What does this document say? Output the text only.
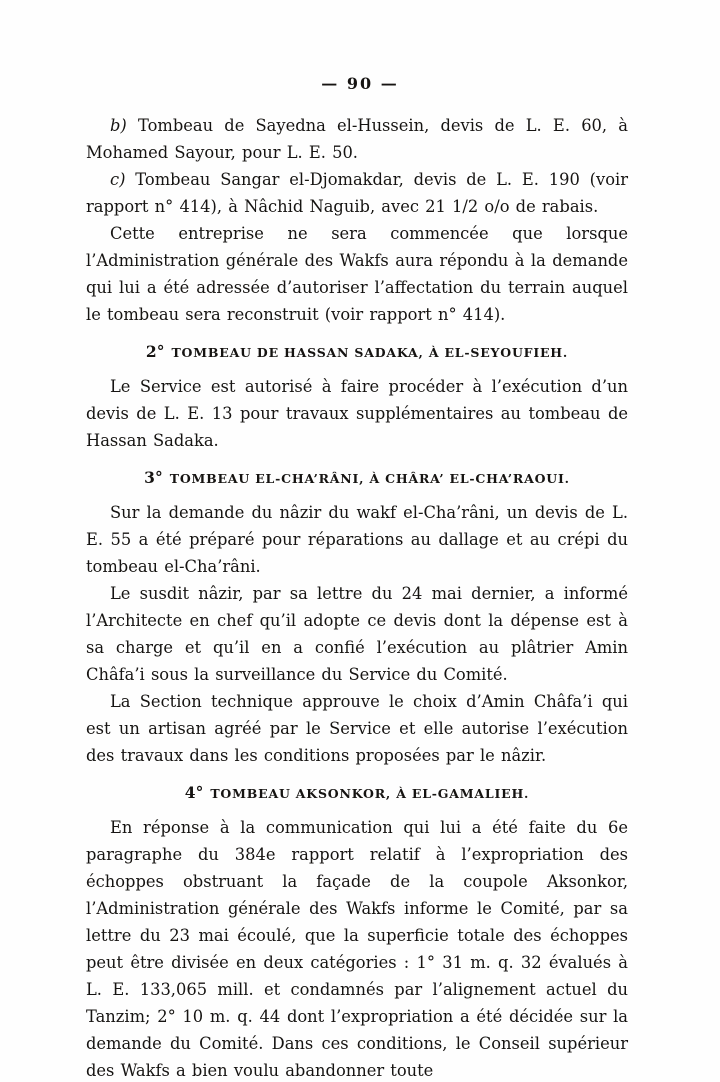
— 90 —

b) Tombeau de Sayedna el-Hussein, devis de L. E. 60, à Mohamed Sayour, pour L. E. 50.

c) Tombeau Sangar el-Djomakdar, devis de L. E. 190 (voir rapport n° 414), à Nâchid Naguib, avec 21 1/2 o/o de rabais.

Cette entreprise ne sera commencée que lorsque l’Administration générale des Wakfs aura répondu à la demande qui lui a été adressée d’autoriser l’affectation du terrain auquel le tombeau sera reconstruit (voir rapport n° 414).

2° TOMBEAU DE HASSAN SADAKA, À EL-SEYOUFIEH.

Le Service est autorisé à faire procéder à l’exécution d’un devis de L. E. 13 pour travaux supplémentaires au tombeau de Hassan Sadaka.

3° TOMBEAU EL-CHA’RÂNI, À CHÂRA’ EL-CHA’RAOUI.

Sur la demande du nâzir du wakf el-Cha’râni, un devis de L. E. 55 a été préparé pour réparations au dallage et au crépi du tombeau el-Cha’râni.

Le susdit nâzir, par sa lettre du 24 mai dernier, a informé l’Architecte en chef qu’il adopte ce devis dont la dépense est à sa charge et qu’il en a confié l’exécution au plâtrier Amin Châfa’i sous la surveillance du Service du Comité.

La Section technique approuve le choix d’Amin Châfa’i qui est un artisan agréé par le Service et elle autorise l’exécution des travaux dans les conditions proposées par le nâzir.

4° TOMBEAU AKSONKOR, À EL-GAMALIEH.

En réponse à la communication qui lui a été faite du 6e paragraphe du 384e rapport relatif à l’expropriation des échoppes obstruant la façade de la coupole Aksonkor, l’Administration générale des Wakfs informe le Comité, par sa lettre du 23 mai écoulé, que la superficie totale des échoppes peut être divisée en deux catégories : 1° 31 m. q. 32 évalués à L. E. 133,065 mill. et condamnés par l’alignement actuel du Tanzim; 2° 10 m. q. 44 dont l’expropriation a été décidée sur la demande du Comité. Dans ces conditions, le Conseil supérieur des Wakfs a bien voulu abandonner toute
